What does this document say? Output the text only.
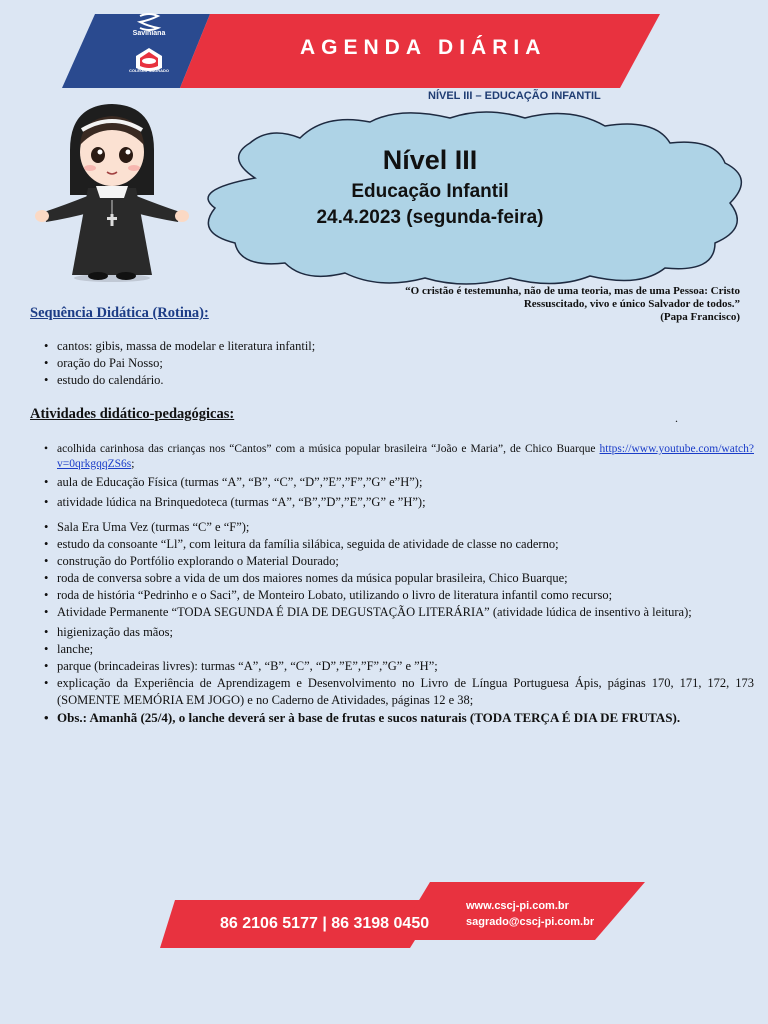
Saviniana
COLÉGIO SAGRADO
AGENDA DIÁRIA
NÍVEL III – EDUCAÇÃO INFANTIL
Nível III
Educação Infantil
24.4.2023 (segunda-feira)
“O cristão é testemunha, não de uma teoria, mas de uma Pessoa: Cristo
Ressuscitado, vivo e único Salvador de todos.”
(Papa Francisco)
Sequência Didática (Rotina):
• cantos: gibis, massa de modelar e literatura infantil;
• oração do Pai Nosso;
• estudo do calendário.
Atividades didático-pedagógicas:	.
• acolhida carinhosa das crianças nos “Cantos” com a música popular brasileira “João e Maria”, de Chico Buarque https://www.youtube.com/watch?v=0qrkgqqZS6s;
• aula de Educação Física (turmas “A”, “B”, “C”, “D”,”E”,”F”,”G” e”H”);
• atividade lúdica na Brinquedoteca (turmas “A”, “B”,”D”,”E”,”G” e ”H”);
• Sala Era Uma Vez (turmas “C” e “F”);
• estudo da consoante “Ll”, com leitura da família silábica, seguida de atividade de classe no caderno;
• construção do Portfólio explorando o Material Dourado;
• roda de conversa sobre a vida de um dos maiores nomes da música popular brasileira, Chico Buarque;
• roda de história “Pedrinho e o Saci”, de Monteiro Lobato, utilizando o livro de literatura infantil como recurso;
• Atividade Permanente “TODA SEGUNDA É DIA DE DEGUSTAÇÃO LITERÁRIA” (atividade lúdica de insentivo à leitura);
• higienização das mãos;
• lanche;
• parque (brincadeiras livres): turmas “A”, “B”, “C”, “D”,”E”,”F”,”G” e ”H”;
• explicação da Experiência de Aprendizagem e Desenvolvimento no Livro de Língua Portuguesa Ápis, páginas 170, 171, 172, 173 (SOMENTE MEMÓRIA EM JOGO) e no Caderno de Atividades, páginas 12 e 38;
• Obs.: Amanhã (25/4), o lanche deverá ser à base de frutas e sucos naturais (TODA TERÇA É DIA DE FRUTAS).
86 2106 5177 | 86 3198 0450
www.cscj-pi.com.br
sagrado@cscj-pi.com.br
